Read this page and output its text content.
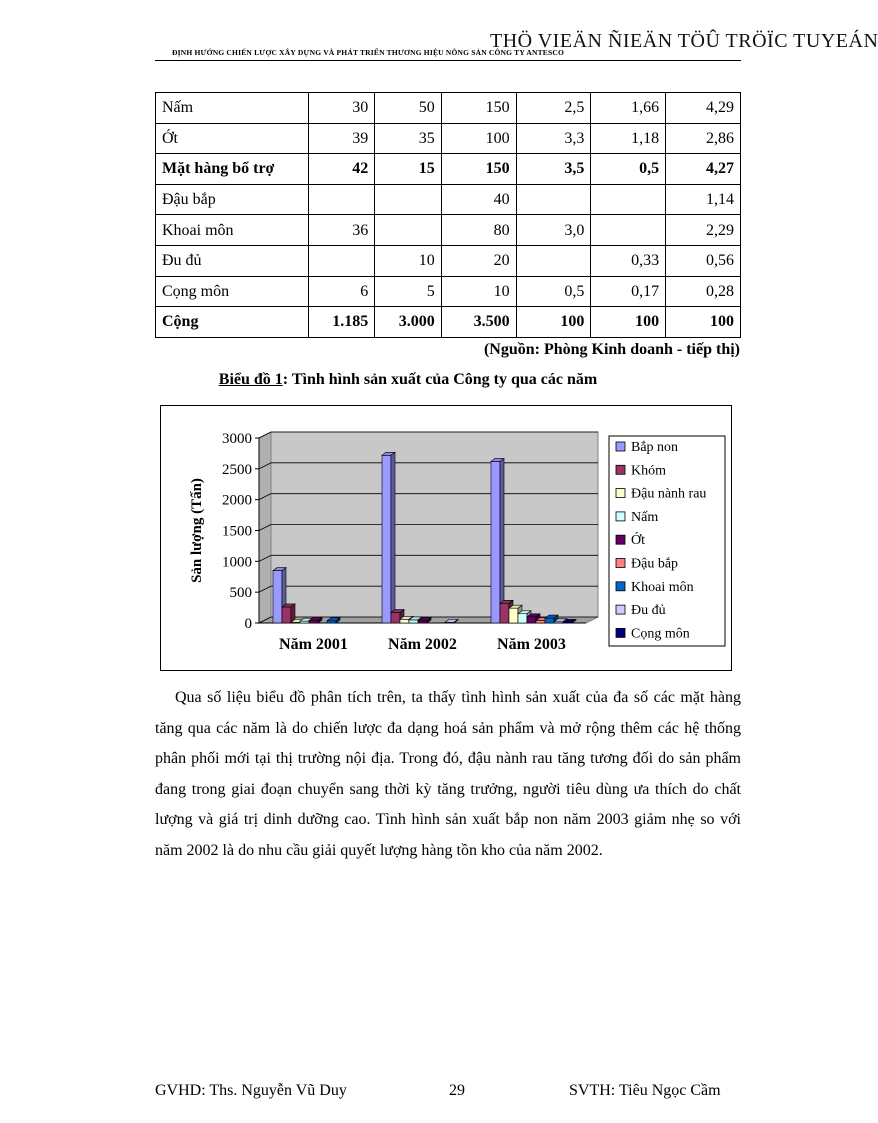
THÖ VIEÄN ÑIEÄN TÖÛ TRÖÏC TUYEÁN
ĐỊNH HƯỚNG CHIẾN LƯỢC XÂY DỰNG VÀ PHÁT TRIỂN THƯƠNG HIỆU NÔNG SẢN CÔNG TY ANTESCO
Nấm	30	50	150	2,5	1,66	4,29
Ớt	39	35	100	3,3	1,18	2,86
Mặt hàng bổ trợ	42	15	150	3,5	0,5	4,27
Đậu bắp			40			1,14
Khoai môn	36		80	3,0		2,29
Đu đủ		10	20		0,33	0,56
Cọng môn	6	5	10	0,5	0,17	0,28
Cộng	1.185	3.000	3.500	100	100	100
(Nguồn: Phòng Kinh doanh - tiếp thị)
Biểu đồ 1: Tình hình sản xuất của Công ty qua các năm
0
500
1000
1500
2000
2500
3000
Sản lượng (Tấn)
Năm 2001	Năm 2002	Năm 2003
Bắp non
Khóm
Đậu nành rau
Nấm
Ớt
Đậu bắp
Khoai môn
Đu đủ
Cọng môn

Qua số liệu biểu đồ phân tích trên, ta thấy tình hình sản xuất của đa số các mặt hàng tăng qua các năm là do chiến lược đa dạng hoá sản phẩm và mở rộng thêm các hệ thống phân phối mới tại thị trường nội địa. Trong đó, đậu nành rau tăng tương đối do sản phẩm đang trong giai đoạn chuyển sang thời kỳ tăng trưởng, người tiêu dùng ưa thích do chất lượng và giá trị dinh dưỡng cao. Tình hình sản xuất bắp non năm 2003 giảm nhẹ so với năm 2002 là do nhu cầu giải quyết lượng hàng tồn kho của năm 2002.

GVHD: Ths. Nguyễn Vũ Duy	29	SVTH: Tiêu Ngọc Cầm
